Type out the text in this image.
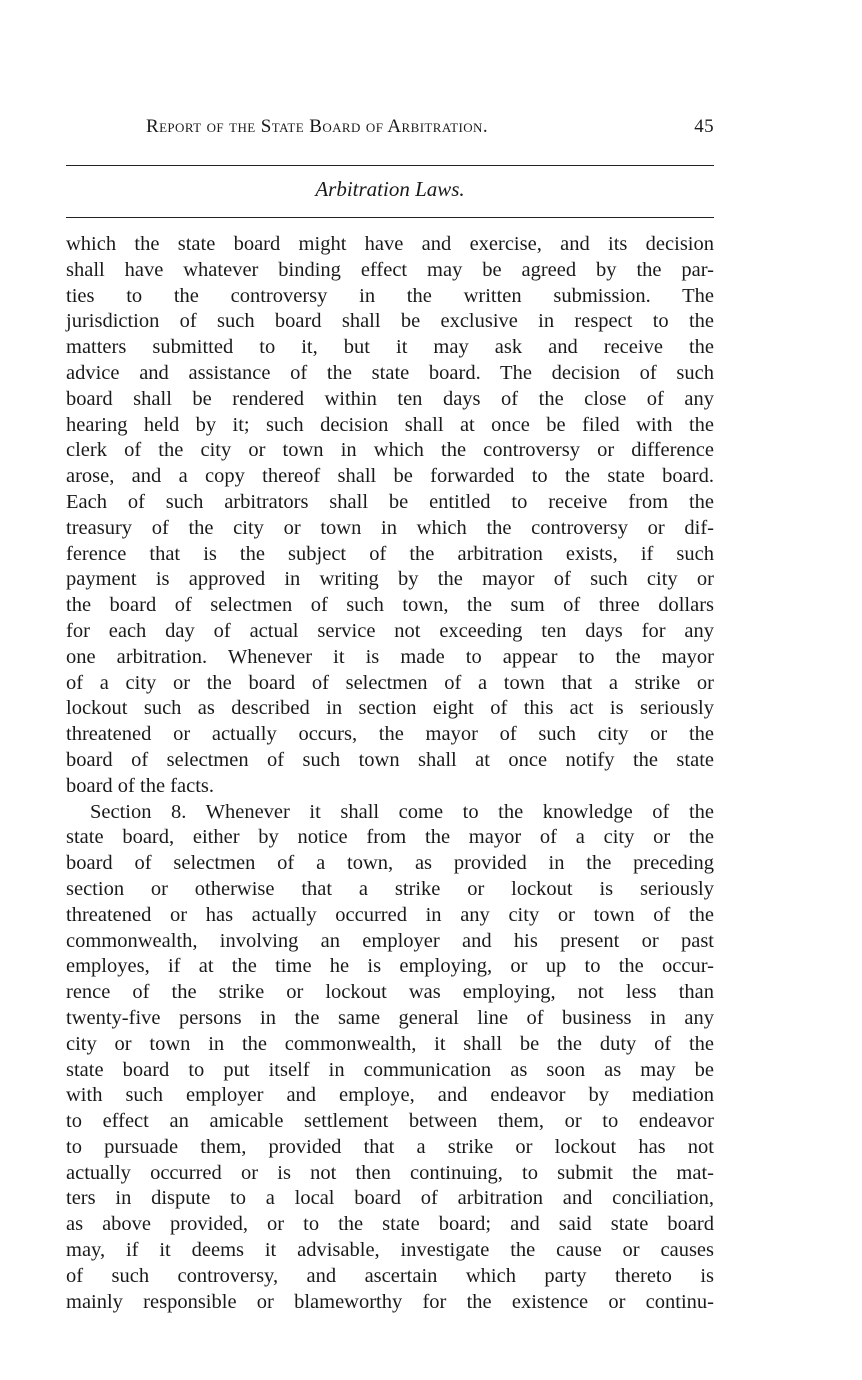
Report of the State Board of Arbitration.	45
Arbitration Laws.
which the state board might have and exercise, and its decision
shall have whatever binding effect may be agreed by the par-
ties to the controversy in the written submission. The
jurisdiction of such board shall be exclusive in respect to the
matters submitted to it, but it may ask and receive the
advice and assistance of the state board. The decision of such
board shall be rendered within ten days of the close of any
hearing held by it; such decision shall at once be filed with the
clerk of the city or town in which the controversy or difference
arose, and a copy thereof shall be forwarded to the state board.
Each of such arbitrators shall be entitled to receive from the
treasury of the city or town in which the controversy or dif-
ference that is the subject of the arbitration exists, if such
payment is approved in writing by the mayor of such city or
the board of selectmen of such town, the sum of three dollars
for each day of actual service not exceeding ten days for any
one arbitration. Whenever it is made to appear to the mayor
of a city or the board of selectmen of a town that a strike or
lockout such as described in section eight of this act is seriously
threatened or actually occurs, the mayor of such city or the
board of selectmen of such town shall at once notify the state
board of the facts.
Section 8. Whenever it shall come to the knowledge of the
state board, either by notice from the mayor of a city or the
board of selectmen of a town, as provided in the preceding
section or otherwise that a strike or lockout is seriously
threatened or has actually occurred in any city or town of the
commonwealth, involving an employer and his present or past
employes, if at the time he is employing, or up to the occur-
rence of the strike or lockout was employing, not less than
twenty-five persons in the same general line of business in any
city or town in the commonwealth, it shall be the duty of the
state board to put itself in communication as soon as may be
with such employer and employe, and endeavor by mediation
to effect an amicable settlement between them, or to endeavor
to pursuade them, provided that a strike or lockout has not
actually occurred or is not then continuing, to submit the mat-
ters in dispute to a local board of arbitration and conciliation,
as above provided, or to the state board; and said state board
may, if it deems it advisable, investigate the cause or causes
of such controversy, and ascertain which party thereto is
mainly responsible or blameworthy for the existence or continu-
